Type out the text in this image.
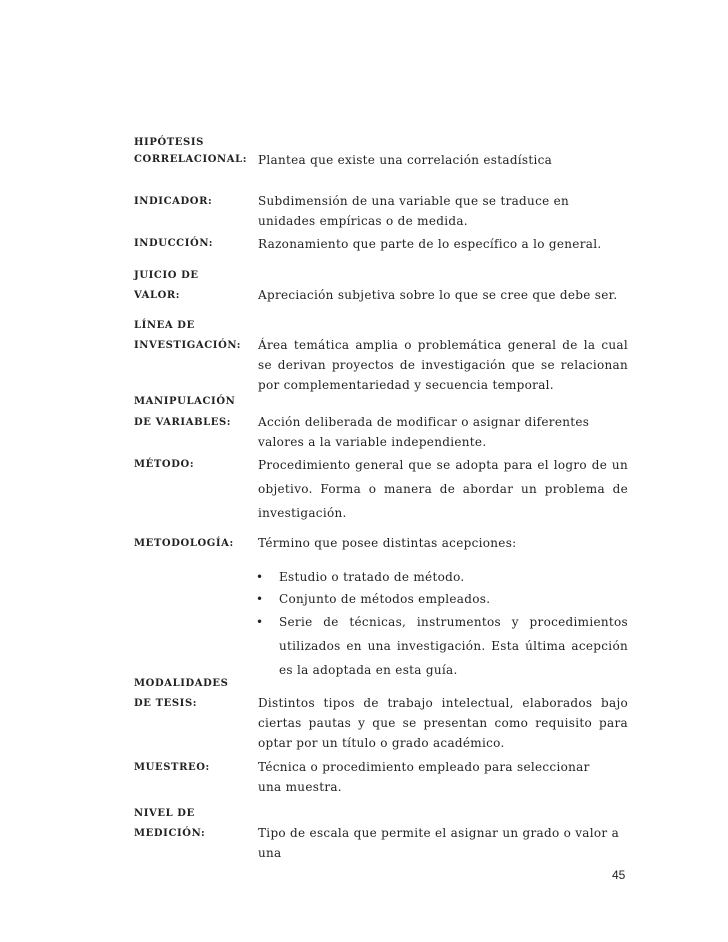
HIPÓTESIS
CORRELACIONAL: Plantea que existe una correlación estadística

INDICADOR:	Subdimensión de una variable que se traduce en unidades empíricas o de medida.

INDUCCIÓN:	Razonamiento que parte de lo específico a lo general.

JUICIO DE
VALOR:	Apreciación subjetiva sobre lo que se cree que debe ser.

LÍNEA DE
INVESTIGACIÓN: Área temática amplia o problemática general de la cual se derivan proyectos de investigación que se relacionan por complementariedad y secuencia temporal.

MANIPULACIÓN
DE VARIABLES: Acción deliberada de modificar o asignar diferentes valores a la variable independiente.

MÉTODO:	Procedimiento general que se adopta para el logro de un objetivo. Forma o manera de abordar un problema de investigación.

METODOLOGÍA: Término que posee distintas acepciones:

• Estudio o tratado de método.

• Conjunto de métodos empleados.

• Serie de técnicas, instrumentos y procedimientos utilizados en una investigación. Esta última acepción es la adoptada en esta guía.

MODALIDADES
DE TESIS:	Distintos tipos de trabajo intelectual, elaborados bajo ciertas pautas y que se presentan como requisito para optar por un título o grado académico.

MUESTREO:	Técnica o procedimiento empleado para seleccionar una muestra.

NIVEL DE
MEDICIÓN:	Tipo de escala que permite el asignar un grado o valor a una

45
